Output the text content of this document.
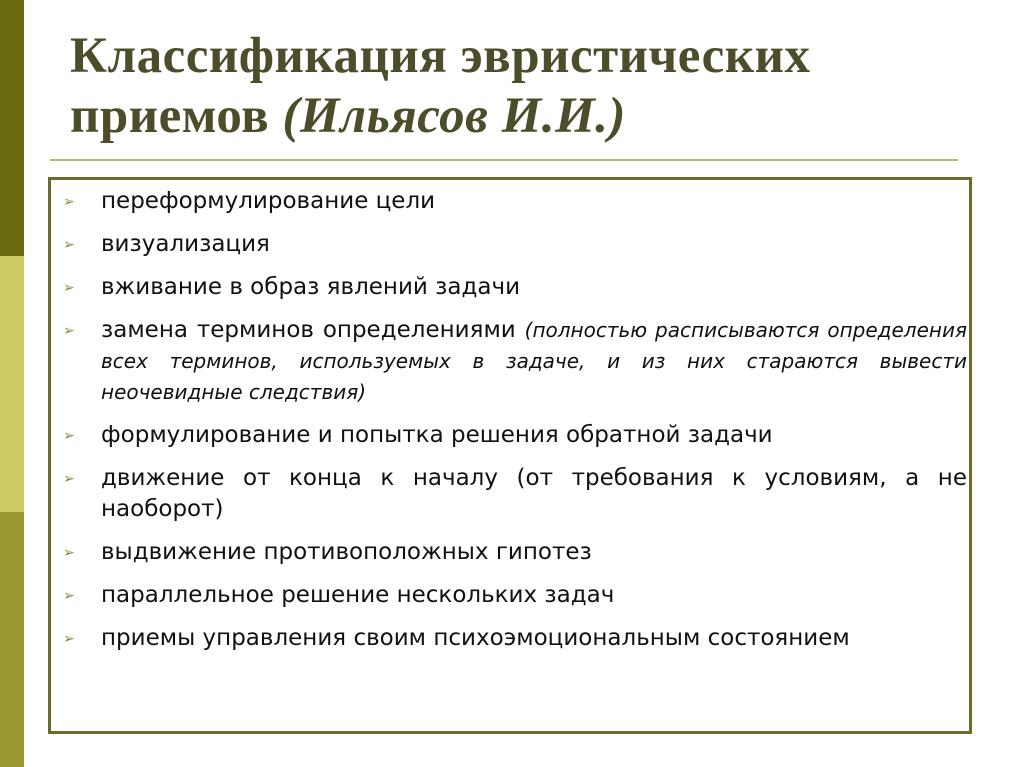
Классификация эвристических
приемов (Ильясов И.И.)
➢ переформулирование цели
➢ визуализация
➢ вживание в образ явлений задачи
➢ замена терминов определениями (полностью расписываются определения всех терминов, используемых в задаче, и из них стараются вывести неочевидные следствия)
➢ формулирование и попытка решения обратной задачи
➢ движение от конца к началу (от требования к условиям, а не наоборот)
➢ выдвижение противоположных гипотез
➢ параллельное решение нескольких задач
➢ приемы управления своим психоэмоциональным состоянием
